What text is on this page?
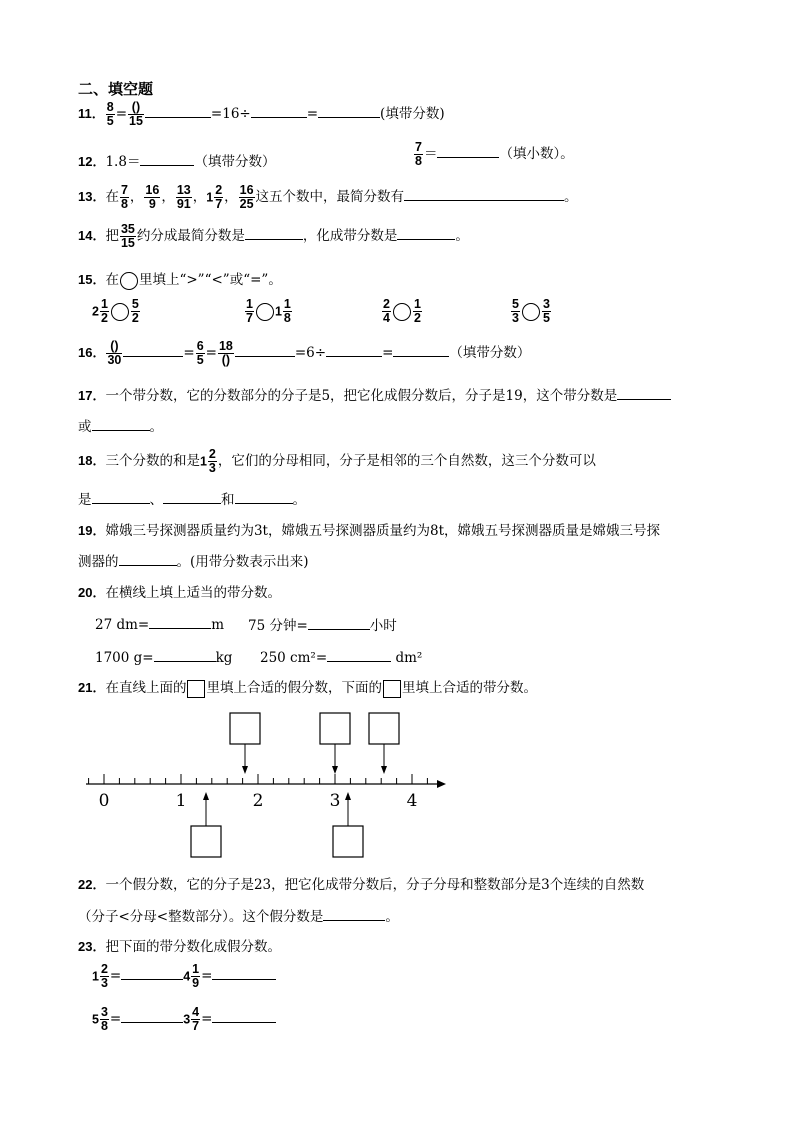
二、填空题
11． $\frac{8}{5} = \frac{()}{15}$	=16÷	=	(填带分数)
12．1.8＝	（填带分数）	$\frac{7}{8}$ ＝	（填小数）。
13．在 $\frac{7}{8}$ ， $\frac{16}{9}$ ， $\frac{13}{91}$ ，$1 \frac{2}{7}$ ， $\frac{16}{25}$ 这五个数中，最简分数有	。
14．把 $\frac{35}{15}$ 约分成最简分数是	，化成带分数是	。
15．在 里填上“>”“<”或“=”。
$2 \frac{1}{2} \frac{5}{2}$	$\frac{1}{7} 1 \frac{1}{8}$	$\frac{2}{4} \frac{1}{2}$	$\frac{5}{3} \frac{3}{5}$
16． $\frac{()}{30}$	= $\frac{6}{5} = \frac{18}{()}$	=6÷	=	（填带分数）
17．一个带分数，它的分数部分的分子是5，把它化成假分数后，分子是19，这个带分数是
或	。
18．三个分数的和是$1 \frac{2}{3}$ ，它们的分母相同，分子是相邻的三个自然数，这三个分数可以
是	、	和	。
19．嫦娥三号探测器质量约为3t，嫦娥五号探测器质量约为8t，嫦娥五号探测器质量是嫦娥三号探
测器的	。(用带分数表示出来)
20．在横线上填上适当的带分数。
27 dm=	m 75 分钟=	小时
1700 g=	kg 250 cm²=	dm²
21．在直线上面的 里填上合适的假分数，下面的 里填上合适的带分数。
0	1	2	3	4
22．一个假分数，它的分子是23，把它化成带分数后，分子分母和整数部分是3个连续的自然数
（分子<分母<整数部分）。这个假分数是	。
23．把下面的带分数化成假分数。
$1 \frac{2}{3}$ =	$4 \frac{1}{9}$ =
$5 \frac{3}{8}$ =	$3 \frac{4}{7}$ =
